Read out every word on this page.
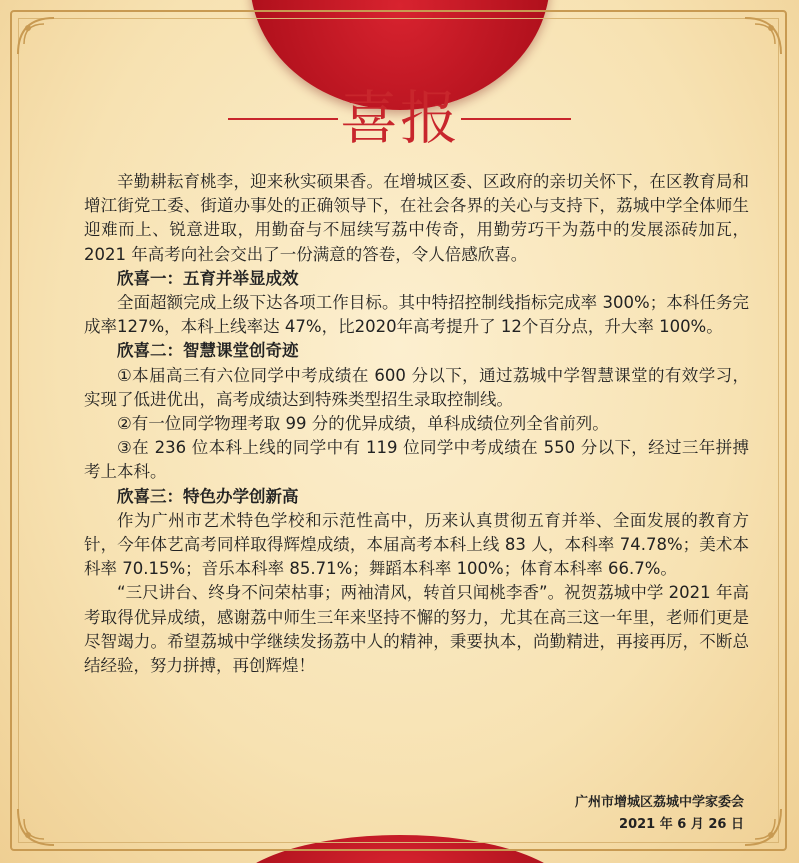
喜报

辛勤耕耘育桃李，迎来秋实硕果香。在增城区委、区政府的亲切关怀下，在区教育局和增江街党工委、街道办事处的正确领导下，在社会各界的关心与支持下，荔城中学全体师生迎难而上、锐意进取，用勤奋与不屈续写荔中传奇，用勤劳巧干为荔中的发展添砖加瓦，2021 年高考向社会交出了一份满意的答卷，令人倍感欣喜。

欣喜一：五育并举显成效

全面超额完成上级下达各项工作目标。其中特招控制线指标完成率 300%；本科任务完成率127%，本科上线率达 47%，比2020年高考提升了 12个百分点，升大率 100%。

欣喜二：智慧课堂创奇迹

①本届高三有六位同学中考成绩在 600 分以下，通过荔城中学智慧课堂的有效学习，实现了低进优出，高考成绩达到特殊类型招生录取控制线。

②有一位同学物理考取 99 分的优异成绩，单科成绩位列全省前列。

③在 236 位本科上线的同学中有 119 位同学中考成绩在 550 分以下，经过三年拼搏考上本科。

欣喜三：特色办学创新高

作为广州市艺术特色学校和示范性高中，历来认真贯彻五育并举、全面发展的教育方针，今年体艺高考同样取得辉煌成绩，本届高考本科上线 83 人，本科率 74.78%；美术本科率 70.15%；音乐本科率 85.71%；舞蹈本科率 100%；体育本科率 66.7%。

“三尺讲台、终身不问荣枯事；两袖清风，转首只闻桃李香”。祝贺荔城中学 2021 年高考取得优异成绩，感谢荔中师生三年来坚持不懈的努力，尤其在高三这一年里，老师们更是尽智竭力。希望荔城中学继续发扬荔中人的精神，秉要执本，尚勤精进，再接再厉，不断总结经验，努力拼搏，再创辉煌！

广州市增城区荔城中学家委会
2021 年 6 月 26 日
